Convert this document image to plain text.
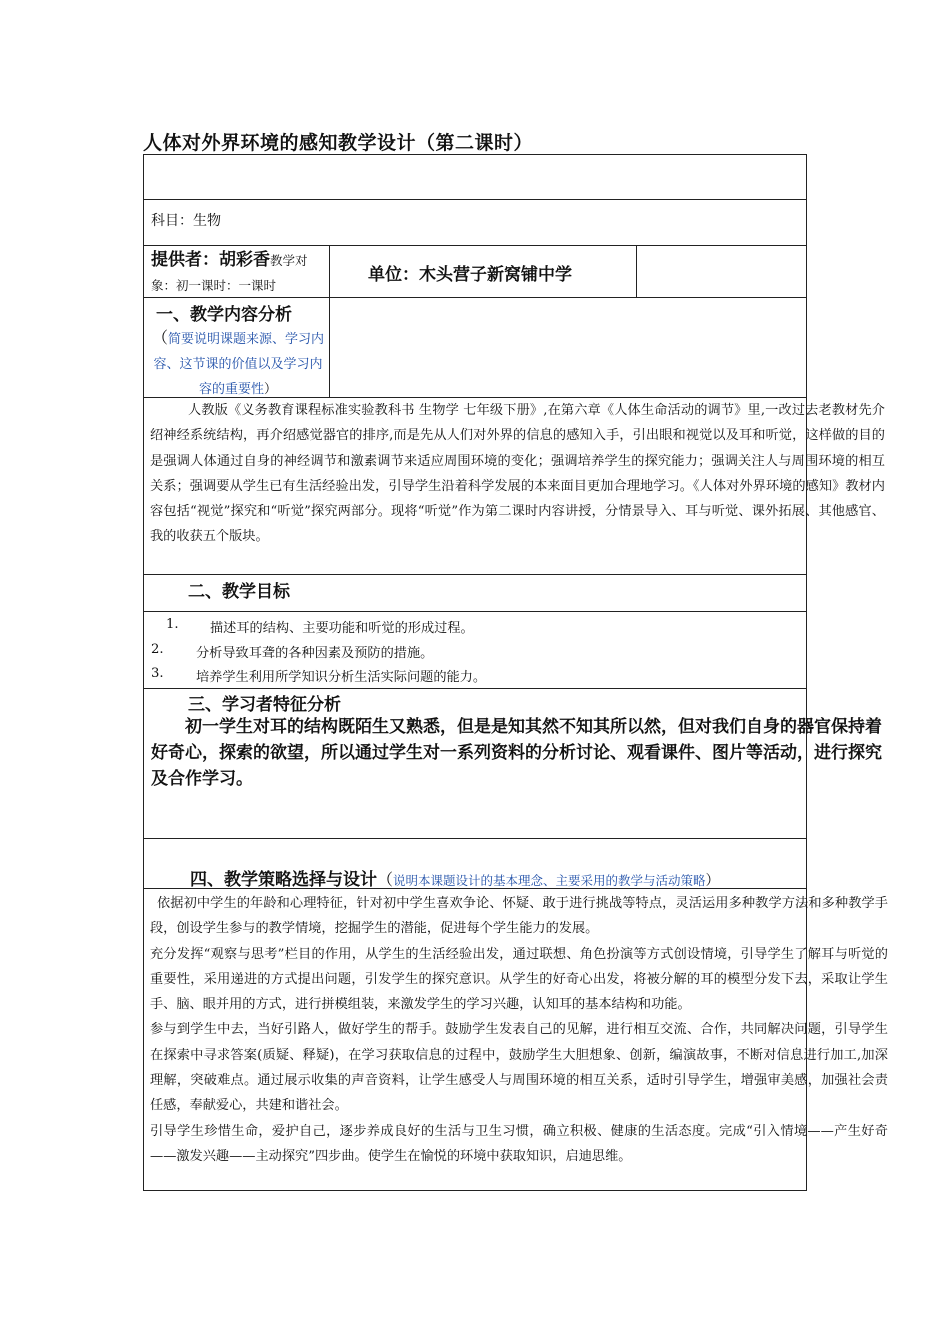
人体对外界环境的感知教学设计（第二课时）
科目：生物
提供者：胡彩香教学对
象：初一课时：一课时
单位：木头营子新窝铺中学
一、教学内容分析
（简要说明课题来源、学习内容、这节课的价值以及学习内容的重要性）
人教版《义务教育课程标准实验教科书 生物学 七年级下册》,在第六章《人体生命活动的调节》里,一改过去老教材先介绍神经系统结构，再介绍感觉器官的排序,而是先从人们对外界的信息的感知入手，引出眼和视觉以及耳和听觉，这样做的目的是强调人体通过自身的神经调节和激素调节来适应周围环境的变化；强调培养学生的探究能力；强调关注人与周围环境的相互关系；强调要从学生已有生活经验出发，引导学生沿着科学发展的本来面目更加合理地学习。《人体对外界环境的感知》教材内容包括“视觉”探究和“听觉”探究两部分。现将“听觉”作为第二课时内容讲授，分情景导入、耳与听觉、课外拓展、其他感官、我的收获五个版块。
二、教学目标
1. 描述耳的结构、主要功能和听觉的形成过程。
2. 分析导致耳聋的各种因素及预防的措施。
3. 培养学生利用所学知识分析生活实际问题的能力。
三、学习者特征分析
初一学生对耳的结构既陌生又熟悉，但是是知其然不知其所以然，但对我们自身的器官保持着好奇心，探索的欲望，所以通过学生对一系列资料的分析讨论、观看课件、图片等活动，进行探究及合作学习。
四、教学策略选择与设计（说明本课题设计的基本理念、主要采用的教学与活动策略）

依据初中学生的年龄和心理特征，针对初中学生喜欢争论、怀疑、敢于进行挑战等特点，灵活运用多种教学方法和多种教学手段，创设学生参与的教学情境，挖掘学生的潜能，促进每个学生能力的发展。

充分发挥“观察与思考”栏目的作用，从学生的生活经验出发，通过联想、角色扮演等方式创设情境，引导学生了解耳与听觉的重要性，采用递进的方式提出问题，引发学生的探究意识。从学生的好奇心出发，将被分解的耳的模型分发下去，采取让学生手、脑、眼并用的方式，进行拼模组装，来激发学生的学习兴趣，认知耳的基本结构和功能。

参与到学生中去，当好引路人，做好学生的帮手。鼓励学生发表自己的见解，进行相互交流、合作，共同解决问题，引导学生在探索中寻求答案(质疑、释疑)，在学习获取信息的过程中，鼓励学生大胆想象、创新，编演故事，不断对信息进行加工,加深理解，突破难点。通过展示收集的声音资料，让学生感受人与周围环境的相互关系，适时引导学生，增强审美感，加强社会责任感，奉献爱心，共建和谐社会。

引导学生珍惜生命，爱护自己，逐步养成良好的生活与卫生习惯，确立积极、健康的生活态度。完成“引入情境——产生好奇——激发兴趣——主动探究”四步曲。使学生在愉悦的环境中获取知识，启迪思维。
